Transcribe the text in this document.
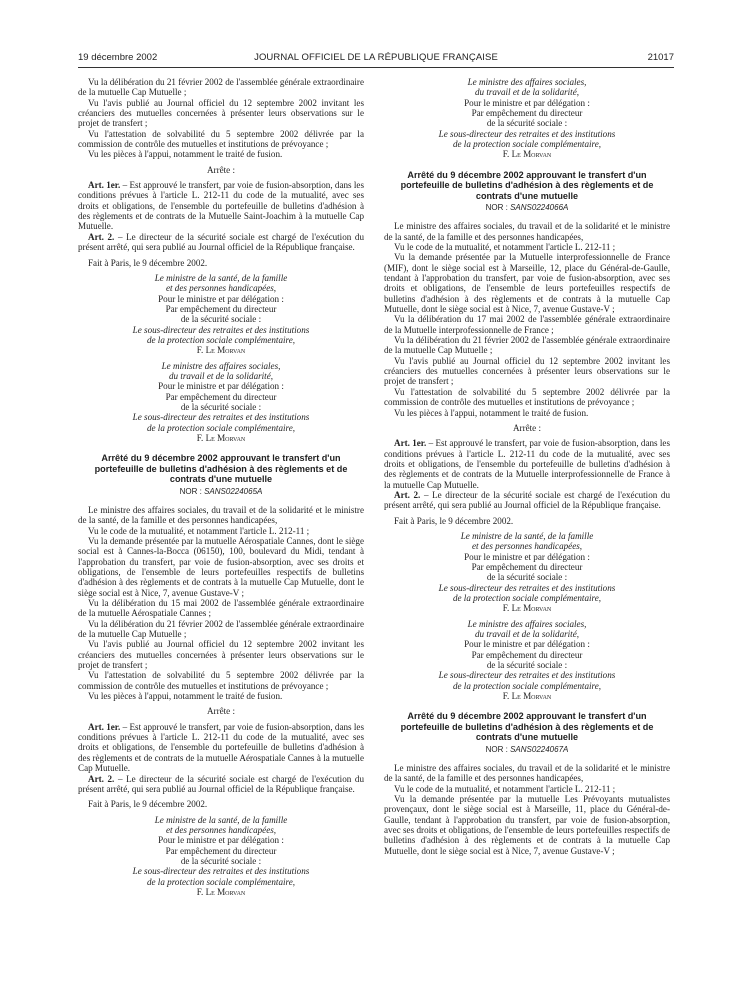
19 décembre 2002	JOURNAL OFFICIEL DE LA RÉPUBLIQUE FRANÇAISE	21017

Vu la délibération du 21 février 2002 de l'assemblée générale extraordinaire de la mutuelle Cap Mutuelle ;

Vu l'avis publié au Journal officiel du 12 septembre 2002 invitant les créanciers des mutuelles concernées à présenter leurs observations sur le projet de transfert ;

Vu l'attestation de solvabilité du 5 septembre 2002 délivrée par la commission de contrôle des mutuelles et institutions de prévoyance ;

Vu les pièces à l'appui, notamment le traité de fusion.

Arrête :

Art. 1er. – Est approuvé le transfert, par voie de fusion-absorption, dans les conditions prévues à l'article L. 212-11 du code de la mutualité, avec ses droits et obligations, de l'ensemble du portefeuille de bulletins d'adhésion à des règlements et de contrats de la Mutuelle Saint-Joachim à la mutuelle Cap Mutuelle.

Art. 2. – Le directeur de la sécurité sociale est chargé de l'exécution du présent arrêté, qui sera publié au Journal officiel de la République française.

Fait à Paris, le 9 décembre 2002.

Le ministre de la santé, de la famille

et des personnes handicapées,

Pour le ministre et par délégation :

Par empêchement du directeur

de la sécurité sociale :

Le sous-directeur des retraites et des institutions

de la protection sociale complémentaire,

F. Le Morvan

Le ministre des affaires sociales,

du travail et de la solidarité,

Pour le ministre et par délégation :

Par empêchement du directeur

de la sécurité sociale :

Le sous-directeur des retraites et des institutions

de la protection sociale complémentaire,

F. Le Morvan

Arrêté du 9 décembre 2002 approuvant le transfert d'un portefeuille de bulletins d'adhésion à des règlements et de contrats d'une mutuelle

NOR : SANS0224065A

Le ministre des affaires sociales, du travail et de la solidarité et le ministre de la santé, de la famille et des personnes handicapées,

Vu le code de la mutualité, et notamment l'article L. 212-11 ;

Vu la demande présentée par la mutuelle Aérospatiale Cannes, dont le siège social est à Cannes-la-Bocca (06150), 100, boulevard du Midi, tendant à l'approbation du transfert, par voie de fusion-absorption, avec ses droits et obligations, de l'ensemble de leurs portefeuilles respectifs de bulletins d'adhésion à des règlements et de contrats à la mutuelle Cap Mutuelle, dont le siège social est à Nice, 7, avenue Gustave-V ;

Vu la délibération du 15 mai 2002 de l'assemblée générale extraordinaire de la mutuelle Aérospatiale Cannes ;

Vu la délibération du 21 février 2002 de l'assemblée générale extraordinaire de la mutuelle Cap Mutuelle ;

Vu l'avis publié au Journal officiel du 12 septembre 2002 invitant les créanciers des mutuelles concernées à présenter leurs observations sur le projet de transfert ;

Vu l'attestation de solvabilité du 5 septembre 2002 délivrée par la commission de contrôle des mutuelles et institutions de prévoyance ;

Vu les pièces à l'appui, notamment le traité de fusion.

Arrête :

Art. 1er. – Est approuvé le transfert, par voie de fusion-absorption, dans les conditions prévues à l'article L. 212-11 du code de la mutualité, avec ses droits et obligations, de l'ensemble du portefeuille de bulletins d'adhésion à des règlements et de contrats de la mutuelle Aérospatiale Cannes à la mutuelle Cap Mutuelle.

Art. 2. – Le directeur de la sécurité sociale est chargé de l'exécution du présent arrêté, qui sera publié au Journal officiel de la République française.

Fait à Paris, le 9 décembre 2002.

Le ministre de la santé, de la famille

et des personnes handicapées,

Pour le ministre et par délégation :

Par empêchement du directeur

de la sécurité sociale :

Le sous-directeur des retraites et des institutions

de la protection sociale complémentaire,

F. Le Morvan

Le ministre des affaires sociales,

du travail et de la solidarité,

Pour le ministre et par délégation :

Par empêchement du directeur

de la sécurité sociale :

Le sous-directeur des retraites et des institutions

de la protection sociale complémentaire,

F. Le Morvan

Arrêté du 9 décembre 2002 approuvant le transfert d'un portefeuille de bulletins d'adhésion à des règlements et de contrats d'une mutuelle

NOR : SANS0224066A

Le ministre des affaires sociales, du travail et de la solidarité et le ministre de la santé, de la famille et des personnes handicapées,

Vu le code de la mutualité, et notamment l'article L. 212-11 ;

Vu la demande présentée par la Mutuelle interprofessionnelle de France (MIF), dont le siège social est à Marseille, 12, place du Général-de-Gaulle, tendant à l'approbation du transfert, par voie de fusion-absorption, avec ses droits et obligations, de l'ensemble de leurs portefeuilles respectifs de bulletins d'adhésion à des règlements et de contrats à la mutuelle Cap Mutuelle, dont le siège social est à Nice, 7, avenue Gustave-V ;

Vu la délibération du 17 mai 2002 de l'assemblée générale extraordinaire de la Mutuelle interprofessionnelle de France ;

Vu la délibération du 21 février 2002 de l'assemblée générale extraordinaire de la mutuelle Cap Mutuelle ;

Vu l'avis publié au Journal officiel du 12 septembre 2002 invitant les créanciers des mutuelles concernées à présenter leurs observations sur le projet de transfert ;

Vu l'attestation de solvabilité du 5 septembre 2002 délivrée par la commission de contrôle des mutuelles et institutions de prévoyance ;

Vu les pièces à l'appui, notamment le traité de fusion.

Arrête :

Art. 1er. – Est approuvé le transfert, par voie de fusion-absorption, dans les conditions prévues à l'article L. 212-11 du code de la mutualité, avec ses droits et obligations, de l'ensemble du portefeuille de bulletins d'adhésion à des règlements et de contrats de la Mutuelle interprofessionnelle de France à la mutuelle Cap Mutuelle.

Art. 2. – Le directeur de la sécurité sociale est chargé de l'exécution du présent arrêté, qui sera publié au Journal officiel de la République française.

Fait à Paris, le 9 décembre 2002.

Le ministre de la santé, de la famille

et des personnes handicapées,

Pour le ministre et par délégation :

Par empêchement du directeur

de la sécurité sociale :

Le sous-directeur des retraites et des institutions

de la protection sociale complémentaire,

F. Le Morvan

Le ministre des affaires sociales,

du travail et de la solidarité,

Pour le ministre et par délégation :

Par empêchement du directeur

de la sécurité sociale :

Le sous-directeur des retraites et des institutions

de la protection sociale complémentaire,

F. Le Morvan

Arrêté du 9 décembre 2002 approuvant le transfert d'un portefeuille de bulletins d'adhésion à des règlements et de contrats d'une mutuelle

NOR : SANS0224067A

Le ministre des affaires sociales, du travail et de la solidarité et le ministre de la santé, de la famille et des personnes handicapées,

Vu le code de la mutualité, et notamment l'article L. 212-11 ;

Vu la demande présentée par la mutuelle Les Prévoyants mutualistes provençaux, dont le siège social est à Marseille, 11, place du Général-de-Gaulle, tendant à l'approbation du transfert, par voie de fusion-absorption, avec ses droits et obligations, de l'ensemble de leurs portefeuilles respectifs de bulletins d'adhésion à des règlements et de contrats à la mutuelle Cap Mutuelle, dont le siège social est à Nice, 7, avenue Gustave-V ;
